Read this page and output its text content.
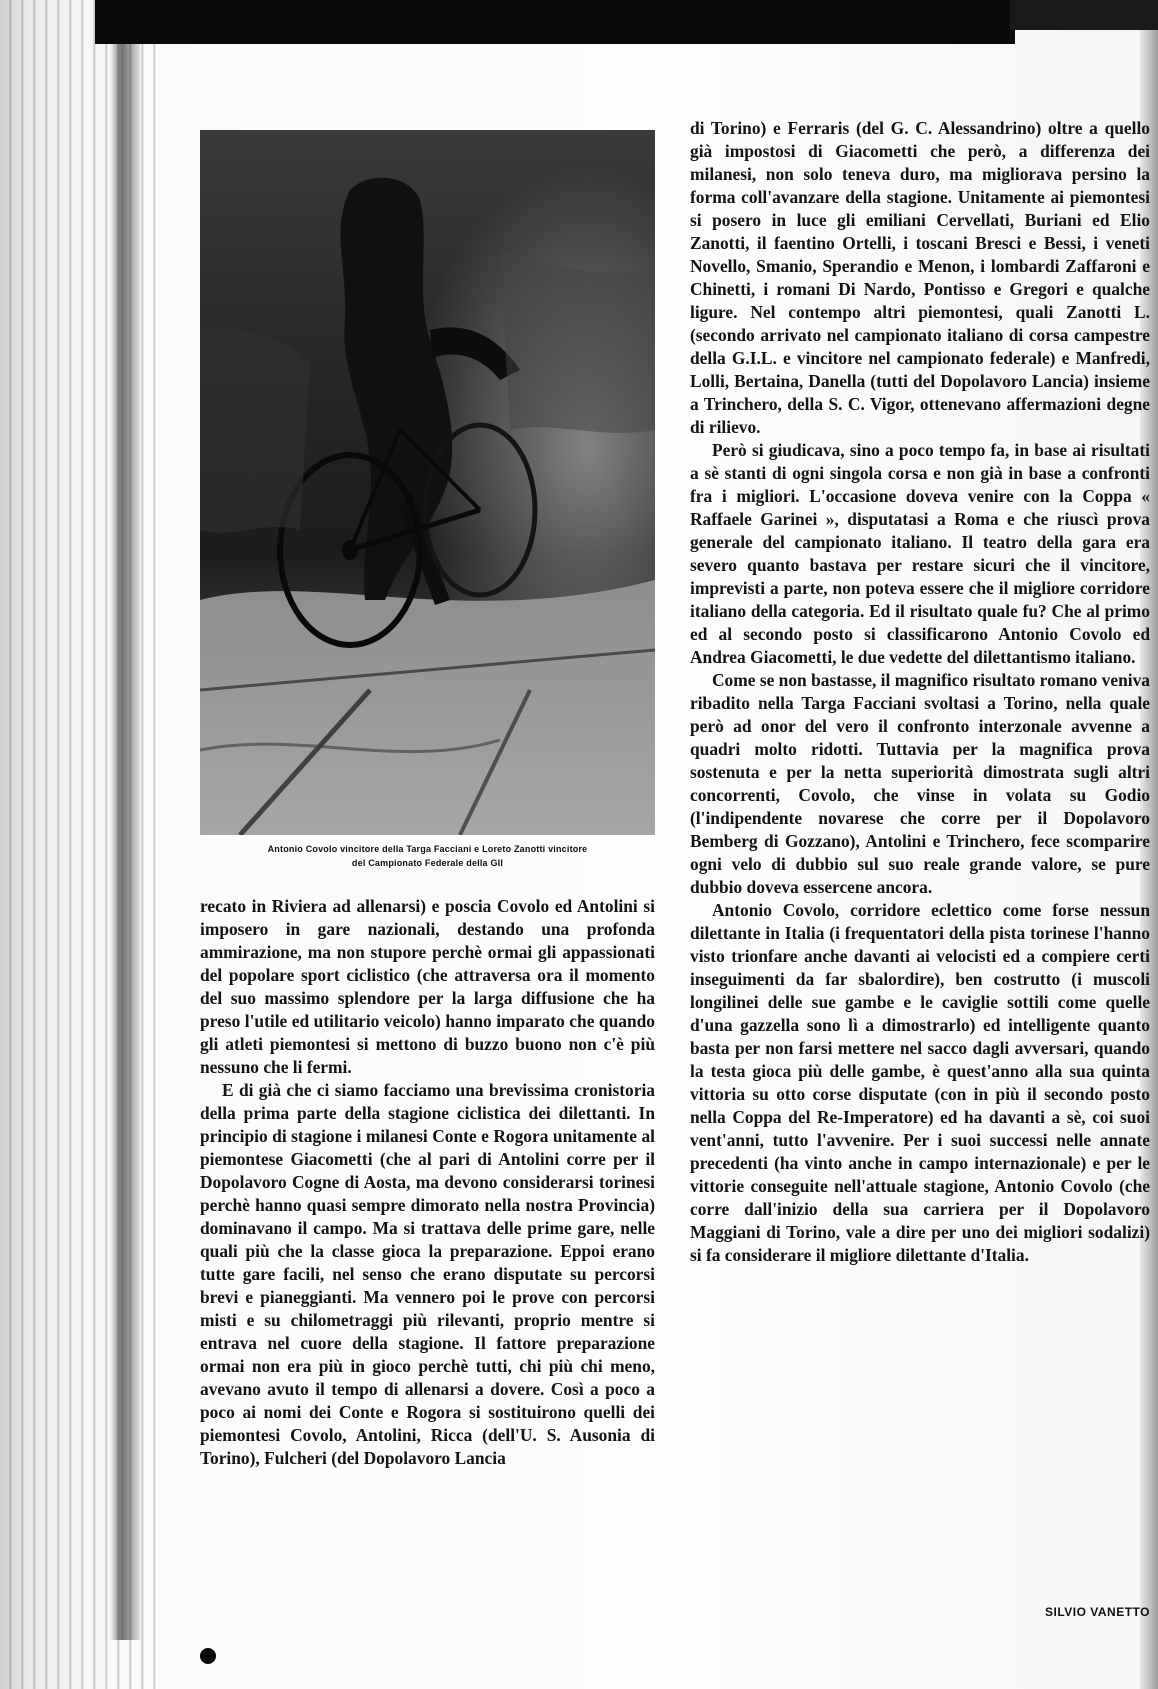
Antonio Covolo vincitore della Targa Facciani e Loreto Zanotti vincitore
del Campionato Federale della GIl

recato in Riviera ad allenarsi) e poscia Covolo ed Antolini si imposero in gare nazionali, destando una profonda ammirazione, ma non stupore perchè ormai gli appassionati del popolare sport ciclistico (che attraversa ora il momento del suo massimo splendore per la larga diffusione che ha preso l'utile ed utilitario veicolo) hanno imparato che quando gli atleti piemontesi si mettono di buzzo buono non c'è più nessuno che li fermi.

E di già che ci siamo facciamo una brevissima cronistoria della prima parte della stagione ciclistica dei dilettanti. In principio di stagione i milanesi Conte e Rogora unitamente al piemontese Giacometti (che al pari di Antolini corre per il Dopolavoro Cogne di Aosta, ma devono considerarsi torinesi perchè hanno quasi sempre dimorato nella nostra Provincia) dominavano il campo. Ma si trattava delle prime gare, nelle quali più che la classe gioca la preparazione. Eppoi erano tutte gare facili, nel senso che erano disputate su percorsi brevi e pianeggianti. Ma vennero poi le prove con percorsi misti e su chilometraggi più rilevanti, proprio mentre si entrava nel cuore della stagione. Il fattore preparazione ormai non era più in gioco perchè tutti, chi più chi meno, avevano avuto il tempo di allenarsi a dovere. Così a poco a poco ai nomi dei Conte e Rogora si sostituirono quelli dei piemontesi Covolo, Antolini, Ricca (dell'U. S. Ausonia di Torino), Fulcheri (del Dopolavoro Lancia

di Torino) e Ferraris (del G. C. Alessandrino) oltre a quello già impostosi di Giacometti che però, a differenza dei milanesi, non solo teneva duro, ma migliorava persino la forma coll'avanzare della stagione. Unitamente ai piemontesi si posero in luce gli emiliani Cervellati, Buriani ed Elio Zanotti, il faentino Ortelli, i toscani Bresci e Bessi, i veneti Novello, Smanio, Sperandio e Menon, i lombardi Zaffaroni e Chinetti, i romani Di Nardo, Pontisso e Gregori e qualche ligure. Nel contempo altri piemontesi, quali Zanotti L. (secondo arrivato nel campionato italiano di corsa campestre della G.I.L. e vincitore nel campionato federale) e Manfredi, Lolli, Bertaina, Danella (tutti del Dopolavoro Lancia) insieme a Trinchero, della S. C. Vigor, ottenevano affermazioni degne di rilievo.

Però si giudicava, sino a poco tempo fa, in base ai risultati a sè stanti di ogni singola corsa e non già in base a confronti fra i migliori. L'occasione doveva venire con la Coppa « Raffaele Garinei », disputatasi a Roma e che riuscì prova generale del campionato italiano. Il teatro della gara era severo quanto bastava per restare sicuri che il vincitore, imprevisti a parte, non poteva essere che il migliore corridore italiano della categoria. Ed il risultato quale fu? Che al primo ed al secondo posto si classificarono Antonio Covolo ed Andrea Giacometti, le due vedette del dilettantismo italiano.

Come se non bastasse, il magnifico risultato romano veniva ribadito nella Targa Facciani svoltasi a Torino, nella quale però ad onor del vero il confronto interzonale avvenne a quadri molto ridotti. Tuttavia per la magnifica prova sostenuta e per la netta superiorità dimostrata sugli altri concorrenti, Covolo, che vinse in volata su Godio (l'indipendente novarese che corre per il Dopolavoro Bemberg di Gozzano), Antolini e Trinchero, fece scomparire ogni velo di dubbio sul suo reale grande valore, se pure dubbio doveva essercene ancora.

Antonio Covolo, corridore eclettico come forse nessun dilettante in Italia (i frequentatori della pista torinese l'hanno visto trionfare anche davanti ai velocisti ed a compiere certi inseguimenti da far sbalordire), ben costrutto (i muscoli longilinei delle sue gambe e le caviglie sottili come quelle d'una gazzella sono lì a dimostrarlo) ed intelligente quanto basta per non farsi mettere nel sacco dagli avversari, quando la testa gioca più delle gambe, è quest'anno alla sua quinta vittoria su otto corse disputate (con in più il secondo posto nella Coppa del Re-Imperatore) ed ha davanti a sè, coi suoi vent'anni, tutto l'avvenire. Per i suoi successi nelle annate precedenti (ha vinto anche in campo internazionale) e per le vittorie conseguite nell'attuale stagione, Antonio Covolo (che corre dall'inizio della sua carriera per il Dopolavoro Maggiani di Torino, vale a dire per uno dei migliori sodalizi) si fa considerare il migliore dilettante d'Italia.

SILVIO VANETTO
